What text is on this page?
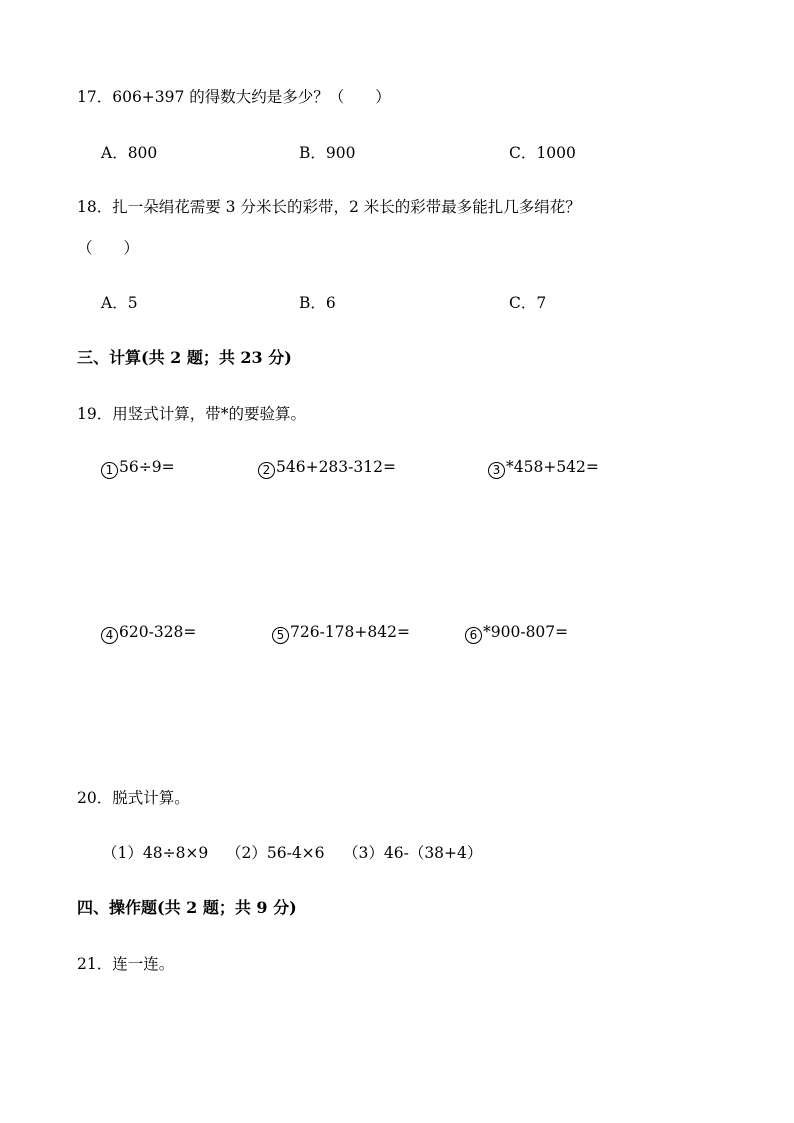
17．606+397 的得数大约是多少？（　　）
A．800	B．900	C．1000
18．扎一朵绢花需要 3 分米长的彩带，2 米长的彩带最多能扎几多绢花？
（　　）
A．5	B．6	C．7
三、计算(共 2 题；共 23 分)
19．用竖式计算，带*的要验算。
1 56÷9=	2 546+283-312=	3 *458+542=
4 620-328=	5 726-178+842=	6 *900-807=
20．脱式计算。
（1）48÷8×9 （2）56-4×6 （3）46-（38+4）
四、操作题(共 2 题；共 9 分)
21．连一连。
